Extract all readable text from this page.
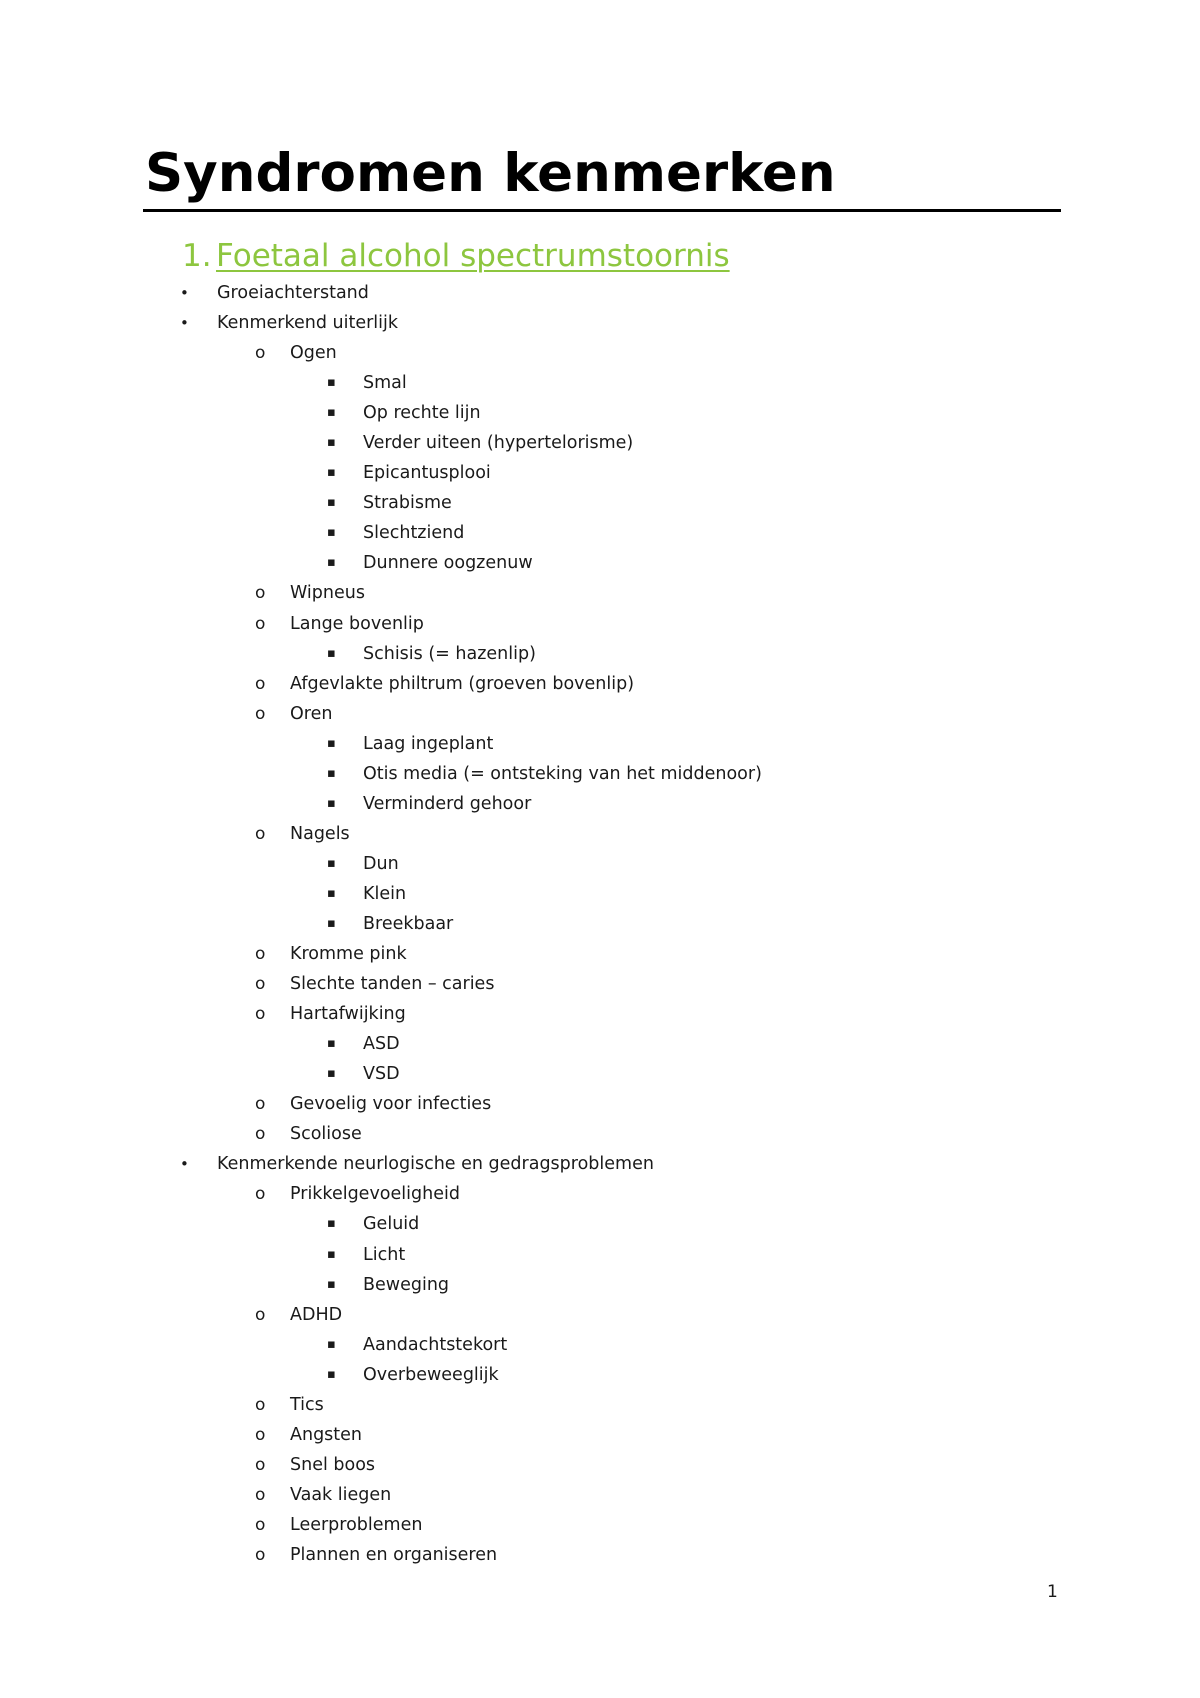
Syndromen kenmerken
1. Foetaal alcohol spectrumstoornis
• Groeiachterstand
• Kenmerkend uiterlijk
o Ogen
▪ Smal
▪ Op rechte lijn
▪ Verder uiteen (hypertelorisme)
▪ Epicantusplooi
▪ Strabisme
▪ Slechtziend
▪ Dunnere oogzenuw
o Wipneus
o Lange bovenlip
▪ Schisis (= hazenlip)
o Afgevlakte philtrum (groeven bovenlip)
o Oren
▪ Laag ingeplant
▪ Otis media (= ontsteking van het middenoor)
▪ Verminderd gehoor
o Nagels
▪ Dun
▪ Klein
▪ Breekbaar
o Kromme pink
o Slechte tanden – caries
o Hartafwijking
▪ ASD
▪ VSD
o Gevoelig voor infecties
o Scoliose
• Kenmerkende neurlogische en gedragsproblemen
o Prikkelgevoeligheid
▪ Geluid
▪ Licht
▪ Beweging
o ADHD
▪ Aandachtstekort
▪ Overbeweeglijk
o Tics
o Angsten
o Snel boos
o Vaak liegen
o Leerproblemen
o Plannen en organiseren
1
